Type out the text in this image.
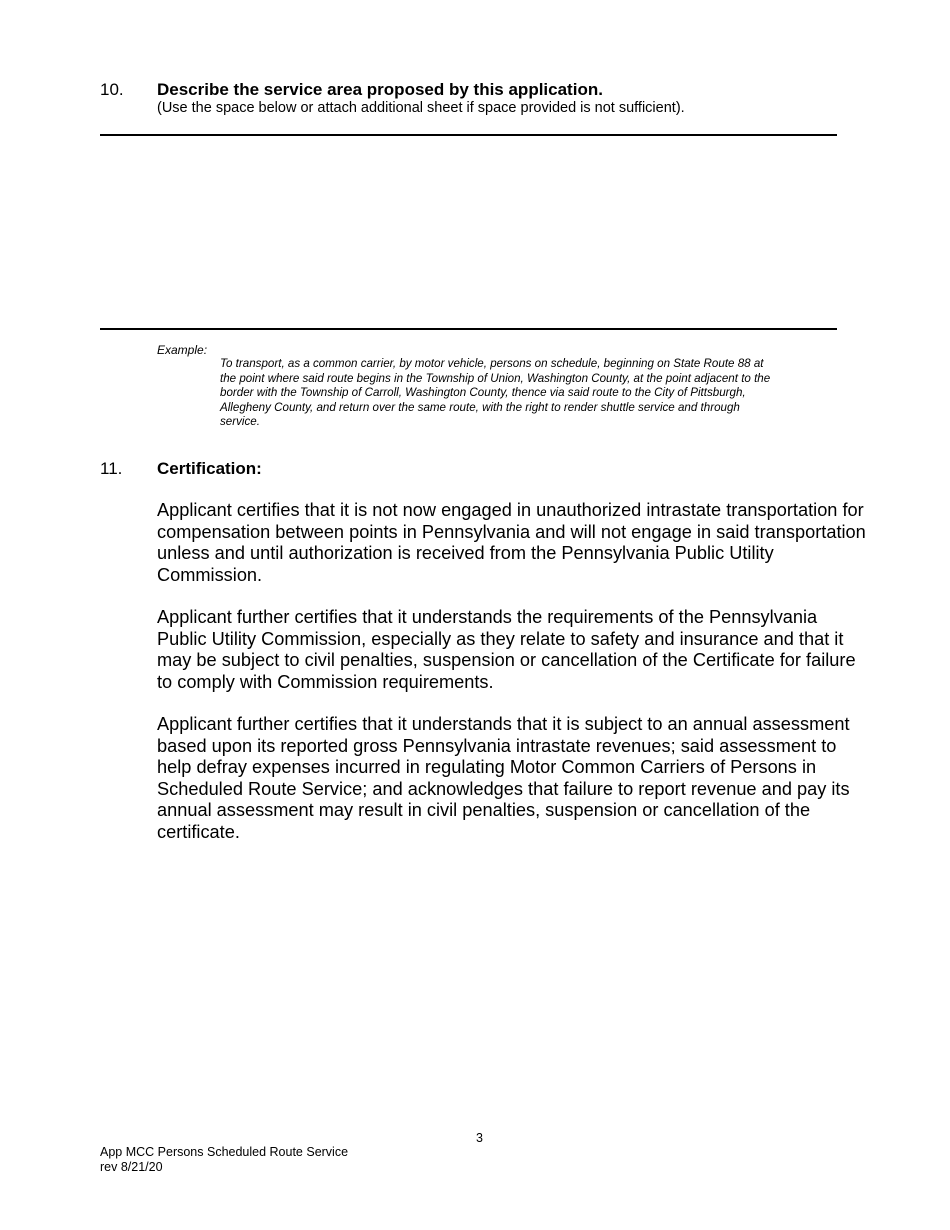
10. Describe the service area proposed by this application.
(Use the space below or attach additional sheet if space provided is not sufficient).
Example:
To transport, as a common carrier, by motor vehicle, persons on schedule, beginning on State Route 88 at the point where said route begins in the Township of Union, Washington County, at the point adjacent to the border with the Township of Carroll, Washington County, thence via said route to the City of Pittsburgh, Allegheny County, and return over the same route, with the right to render shuttle service and through service.
11. Certification:
Applicant certifies that it is not now engaged in unauthorized intrastate transportation for compensation between points in Pennsylvania and will not engage in said transportation unless and until authorization is received from the Pennsylvania Public Utility Commission.
Applicant further certifies that it understands the requirements of the Pennsylvania Public Utility Commission, especially as they relate to safety and insurance and that it may be subject to civil penalties, suspension or cancellation of the Certificate for failure to comply with Commission requirements.
Applicant further certifies that it understands that it is subject to an annual assessment based upon its reported gross Pennsylvania intrastate revenues; said assessment to help defray expenses incurred in regulating Motor Common Carriers of Persons in Scheduled Route Service; and acknowledges that failure to report revenue and pay its annual assessment may result in civil penalties, suspension or cancellation of the certificate.
3
App MCC Persons Scheduled Route Service
rev 8/21/20
